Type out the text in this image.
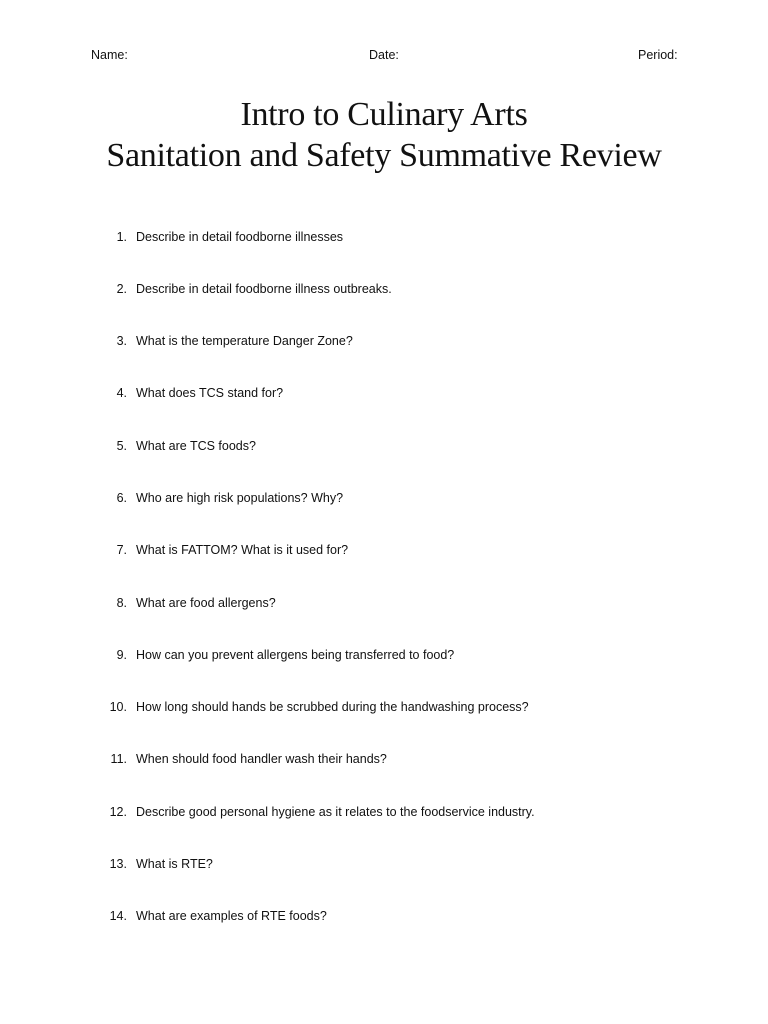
Name:	Date:	Period:
Intro to Culinary Arts
Sanitation and Safety Summative Review
1. Describe in detail foodborne illnesses
2. Describe in detail foodborne illness outbreaks.
3. What is the temperature Danger Zone?
4. What does TCS stand for?
5. What are TCS foods?
6. Who are high risk populations? Why?
7. What is FATTOM? What is it used for?
8. What are food allergens?
9. How can you prevent allergens being transferred to food?
10. How long should hands be scrubbed during the handwashing process?
11. When should food handler wash their hands?
12. Describe good personal hygiene as it relates to the foodservice industry.
13. What is RTE?
14. What are examples of RTE foods?
